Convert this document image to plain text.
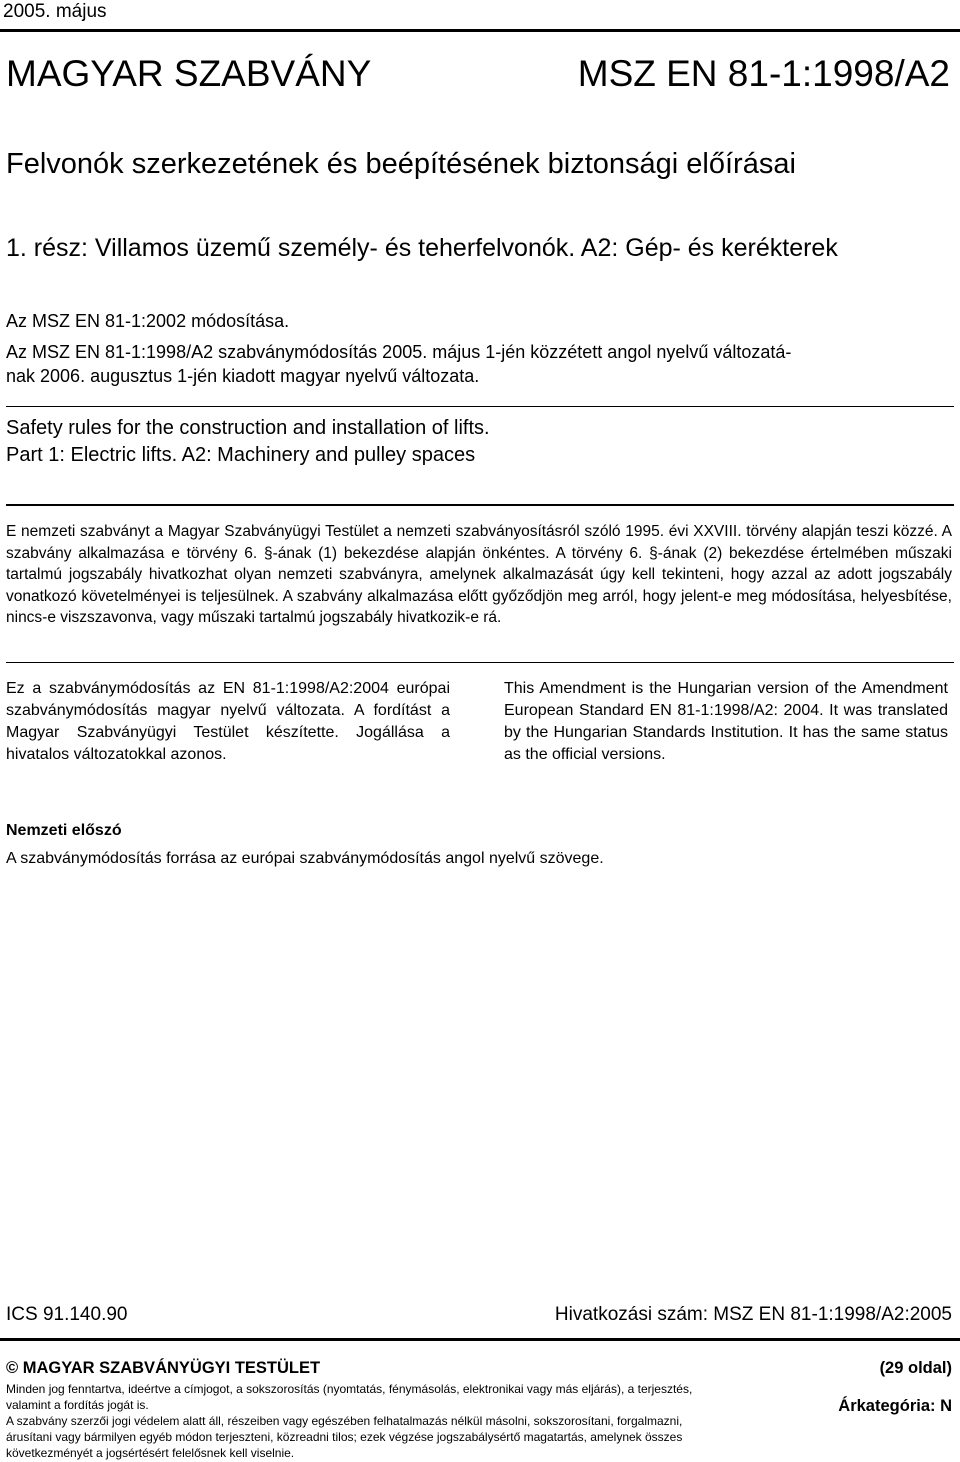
2005. május
MAGYAR SZABVÁNY	MSZ EN 81-1:1998/A2
Felvonók szerkezetének és beépítésének biztonsági előírásai
1. rész: Villamos üzemű személy- és teherfelvonók. A2: Gép- és kerékterek
Az MSZ EN 81-1:2002 módosítása.
Az MSZ EN 81-1:1998/A2 szabványmódosítás 2005. május 1-jén közzétett angol nyelvű változatá-
nak 2006. augusztus 1-jén kiadott magyar nyelvű változata.
Safety rules for the construction and installation of lifts.
Part 1: Electric lifts. A2: Machinery and pulley spaces

E nemzeti szabványt a Magyar Szabványügyi Testület a nemzeti szabványosításról szóló 1995. évi XXVIII. törvény alapján teszi közzé. A szabvány alkalmazása e törvény 6. §-ának (1) bekezdése alapján önkéntes. A törvény 6. §-ának (2) bekezdése értelmében műszaki tartalmú jogszabály hivatkozhat olyan nemzeti szabványra, amelynek alkalmazását úgy kell tekinteni, hogy azzal az adott jogszabály vonatkozó követelményei is teljesülnek. A szabvány alkalmazása előtt győződjön meg arról, hogy jelent-e meg módosítása, helyesbítése, nincs-e viszszavonva, vagy műszaki tartalmú jogszabály hivatkozik-e rá.

Ez a szabványmódosítás az EN 81-1:1998/A2:2004 európai szabványmódosítás magyar nyelvű változata. A fordítást a Magyar Szabványügyi Testület készítette. Jogállása a hivatalos változatokkal azonos.

This Amendment is the Hungarian version of the Amendment European Standard EN 81-1:1998/A2: 2004. It was translated by the Hungarian Standards Institution. It has the same status as the official versions.

Nemzeti előszó
A szabványmódosítás forrása az európai szabványmódosítás angol nyelvű szövege.
ICS 91.140.90	Hivatkozási szám: MSZ EN 81-1:1998/A2:2005
© MAGYAR SZABVÁNYÜGYI TESTÜLET	(29 oldal)

Minden jog fenntartva, ideértve a címjogot, a sokszorosítás (nyomtatás, fénymásolás, elektronikai vagy más eljárás), a terjesztés, valamint a fordítás jogát is.

A szabvány szerzői jogi védelem alatt áll, részeiben vagy egészében felhatalmazás nélkül másolni, sokszorosítani, forgalmazni, árusítani vagy bármilyen egyéb módon terjeszteni, közreadni tilos; ezek végzése jogszabálysértő magatartás, amelynek összes következményét a jogsértésért felelősnek kell viselnie.

Árkategória: N
